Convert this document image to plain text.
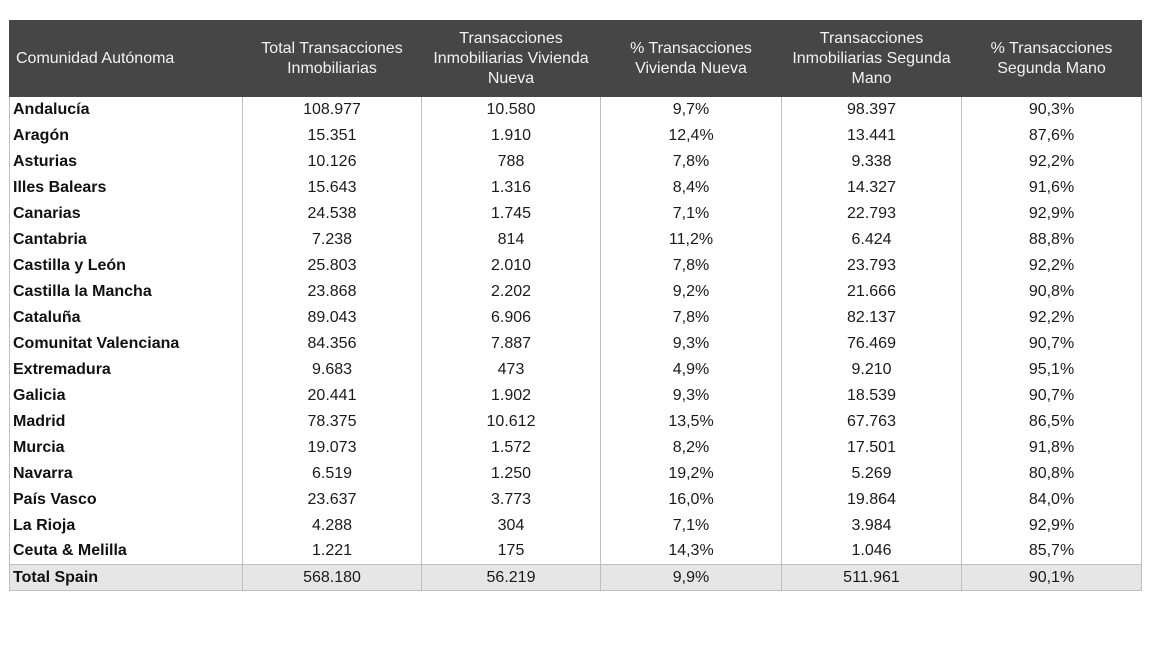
Comunidad Autónoma	Total Transacciones Inmobiliarias	Transacciones Inmobiliarias Vivienda Nueva	% Transacciones Vivienda Nueva	Transacciones Inmobiliarias Segunda Mano	% Transacciones Segunda Mano
Andalucía	108.977	10.580	9,7%	98.397	90,3%
Aragón	15.351	1.910	12,4%	13.441	87,6%
Asturias	10.126	788	7,8%	9.338	92,2%
Illes Balears	15.643	1.316	8,4%	14.327	91,6%
Canarias	24.538	1.745	7,1%	22.793	92,9%
Cantabria	7.238	814	11,2%	6.424	88,8%
Castilla y León	25.803	2.010	7,8%	23.793	92,2%
Castilla la Mancha	23.868	2.202	9,2%	21.666	90,8%
Cataluña	89.043	6.906	7,8%	82.137	92,2%
Comunitat Valenciana	84.356	7.887	9,3%	76.469	90,7%
Extremadura	9.683	473	4,9%	9.210	95,1%
Galicia	20.441	1.902	9,3%	18.539	90,7%
Madrid	78.375	10.612	13,5%	67.763	86,5%
Murcia	19.073	1.572	8,2%	17.501	91,8%
Navarra	6.519	1.250	19,2%	5.269	80,8%
País Vasco	23.637	3.773	16,0%	19.864	84,0%
La Rioja	4.288	304	7,1%	3.984	92,9%
Ceuta & Melilla	1.221	175	14,3%	1.046	85,7%
Total Spain	568.180	56.219	9,9%	511.961	90,1%
